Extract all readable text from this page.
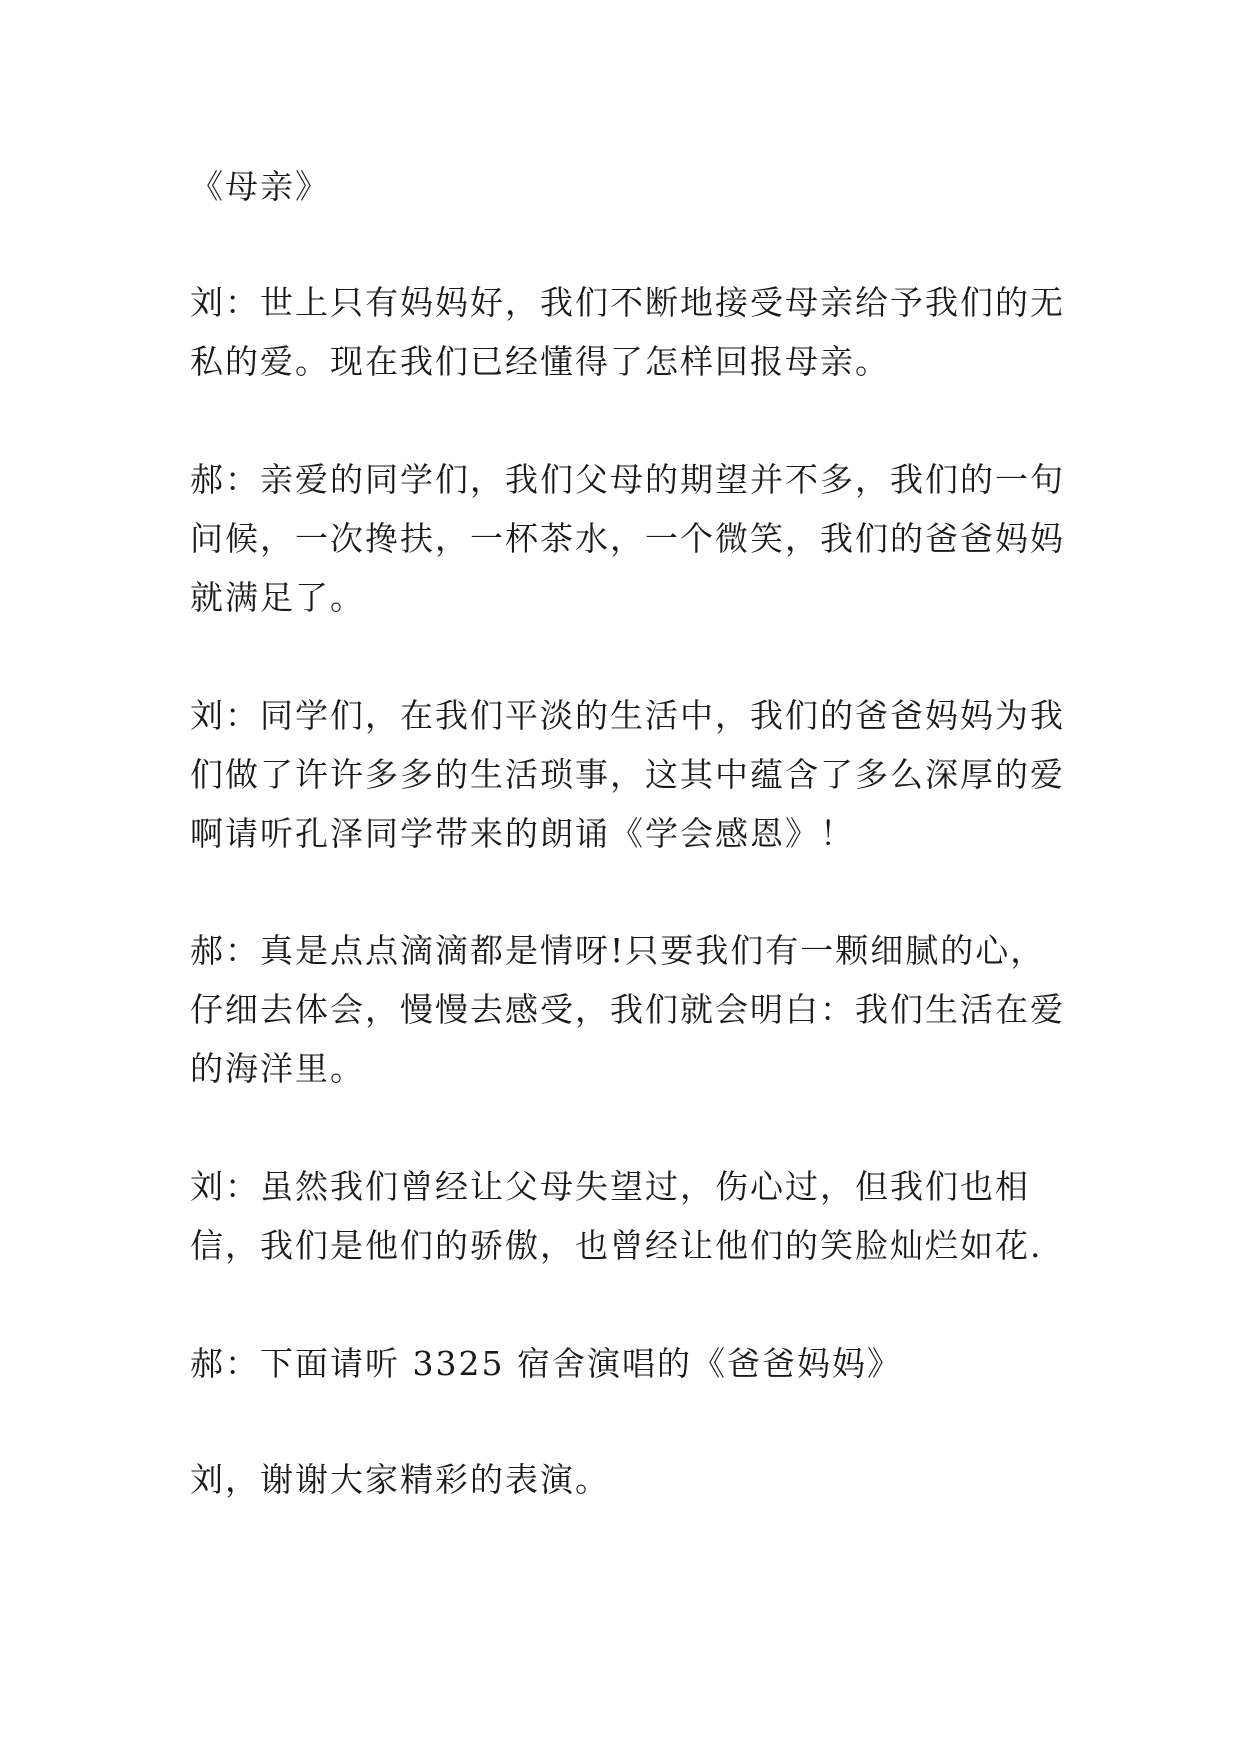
《母亲》

刘：世上只有妈妈好，我们不断地接受母亲给予我们的无私的爱。现在我们已经懂得了怎样回报母亲。

郝：亲爱的同学们，我们父母的期望并不多，我们的一句问候，一次搀扶，一杯茶水，一个微笑，我们的爸爸妈妈就满足了。

刘：同学们，在我们平淡的生活中，我们的爸爸妈妈为我们做了许许多多的生活琐事，这其中蕴含了多么深厚的爱啊请听孔泽同学带来的朗诵《学会感恩》！

郝：真是点点滴滴都是情呀!只要我们有一颗细腻的心，仔细去体会，慢慢去感受，我们就会明白：我们生活在爱的海洋里。

刘：虽然我们曾经让父母失望过，伤心过，但我们也相信，我们是他们的骄傲，也曾经让他们的笑脸灿烂如花.

郝：下面请听 3325 宿舍演唱的《爸爸妈妈》

刘，谢谢大家精彩的表演。
